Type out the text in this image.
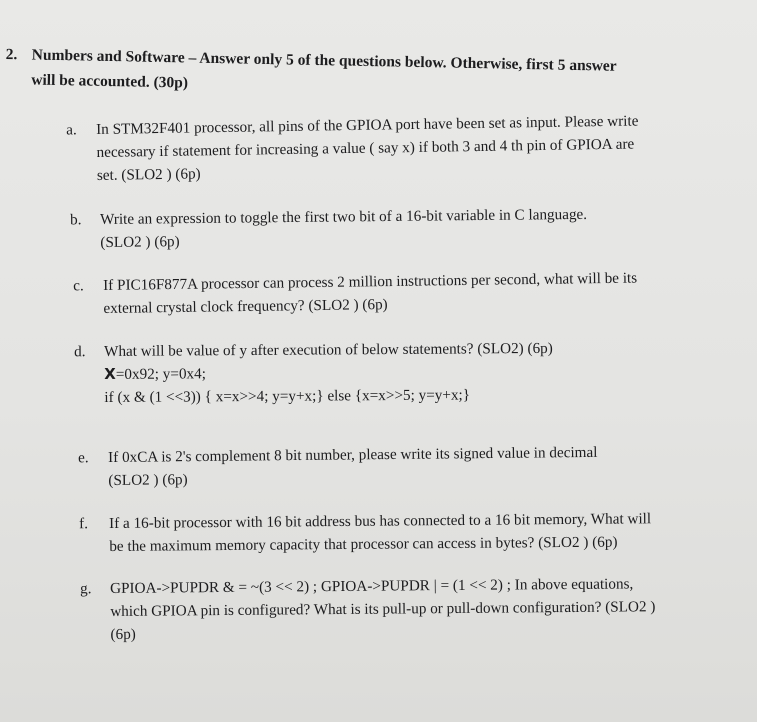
2. Numbers and Software – Answer only 5 of the questions below. Otherwise, first 5 answer
will be accounted. (30p)
a. In STM32F401 processor, all pins of the GPIOA port have been set as input. Please write
necessary if statement for increasing a value ( say x) if both 3 and 4 th pin of GPIOA are
set. (SLO2 ) (6p)
b. Write an expression to toggle the first two bit of a 16-bit variable in C language.
(SLO2 ) (6p)
c. If PIC16F877A processor can process 2 million instructions per second, what will be its
external crystal clock frequency? (SLO2 ) (6p)
d. What will be value of y after execution of below statements? (SLO2) (6p)
X=0x92; y=0x4;
if (x & (1 <<3)) { x=x>>4; y=y+x;} else {x=x>>5; y=y+x;}
e. If 0xCA is 2's complement 8 bit number, please write its signed value in decimal
(SLO2 ) (6p)
f. If a 16-bit processor with 16 bit address bus has connected to a 16 bit memory, What will
be the maximum memory capacity that processor can access in bytes? (SLO2 ) (6p)
g. GPIOA->PUPDR & = ~(3 << 2) ; GPIOA->PUPDR | = (1 << 2) ; In above equations,
which GPIOA pin is configured? What is its pull-up or pull-down configuration? (SLO2 )
(6p)
